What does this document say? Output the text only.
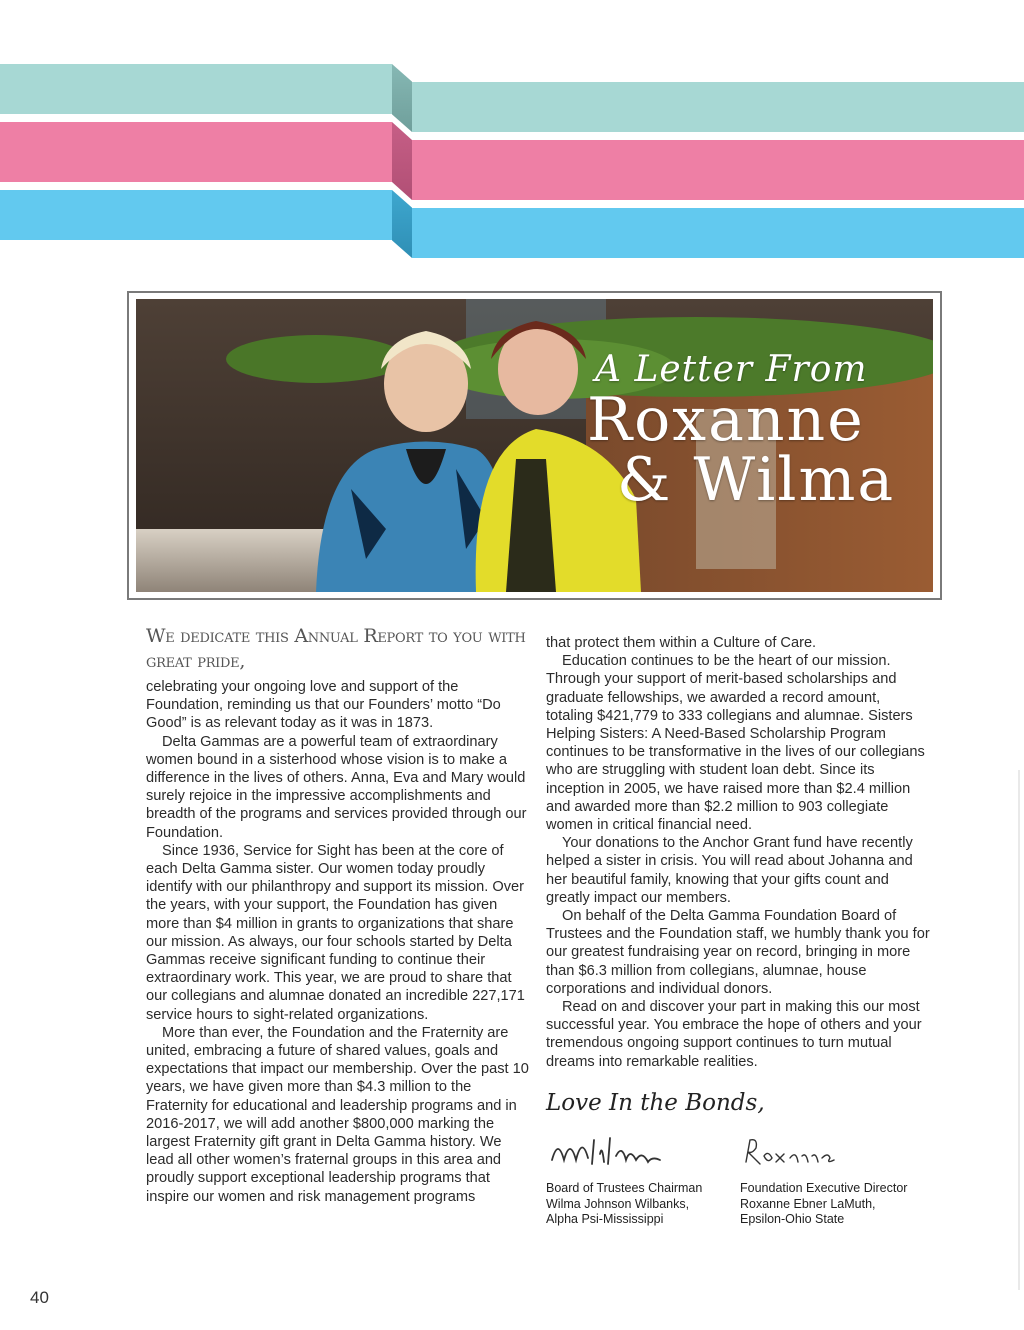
A Letter From
Roxanne
& Wilma
We dedicate this Annual Report to you with great pride,

celebrating your ongoing love and support of the Foundation, reminding us that our Founders’ motto “Do Good” is as relevant today as it was in 1873.

Delta Gammas are a powerful team of extraordinary women bound in a sisterhood whose vision is to make a difference in the lives of others. Anna, Eva and Mary would surely rejoice in the impressive accomplishments and breadth of the programs and services provided through our Foundation.

Since 1936, Service for Sight has been at the core of each Delta Gamma sister. Our women today proudly identify with our philanthropy and support its mission. Over the years, with your support, the Foundation has given more than $4 million in grants to organizations that share our mission. As always, our four schools started by Delta Gammas receive significant funding to continue their extraordinary work. This year, we are proud to share that our collegians and alumnae donated an incredible 227,171 service hours to sight-related organizations.

More than ever, the Foundation and the Fraternity are united, embracing a future of shared values, goals and expectations that impact our membership. Over the past 10 years, we have given more than $4.3 million to the Fraternity for educational and leadership programs and in 2016-2017, we will add another $800,000 marking the largest Fraternity gift grant in Delta Gamma history. We lead all other women’s fraternal groups in this area and proudly support exceptional leadership programs that inspire our women and risk management programs

that protect them within a Culture of Care.

Education continues to be the heart of our mission. Through your support of merit-based scholarships and graduate fellowships, we awarded a record amount, totaling $421,779 to 333 collegians and alumnae. Sisters Helping Sisters: A Need-Based Scholarship Program continues to be transformative in the lives of our collegians who are struggling with student loan debt. Since its inception in 2005, we have raised more than $2.4 million and awarded more than $2.2 million to 903 collegiate women in critical financial need.

Your donations to the Anchor Grant fund have recently helped a sister in crisis. You will read about Johanna and her beautiful family, knowing that your gifts count and greatly impact our members.

On behalf of the Delta Gamma Foundation Board of Trustees and the Foundation staff, we humbly thank you for our greatest fundraising year on record, bringing in more than $6.3 million from collegians, alumnae, house corporations and individual donors.

Read on and discover your part in making this our most successful year. You embrace the hope of others and your tremendous ongoing support continues to turn mutual dreams into remarkable realities.

Love In the Bonds,
Board of Trustees Chairman
Wilma Johnson Wilbanks,
Alpha Psi-Mississippi
Foundation Executive Director
Roxanne Ebner LaMuth,
Epsilon-Ohio State
40
